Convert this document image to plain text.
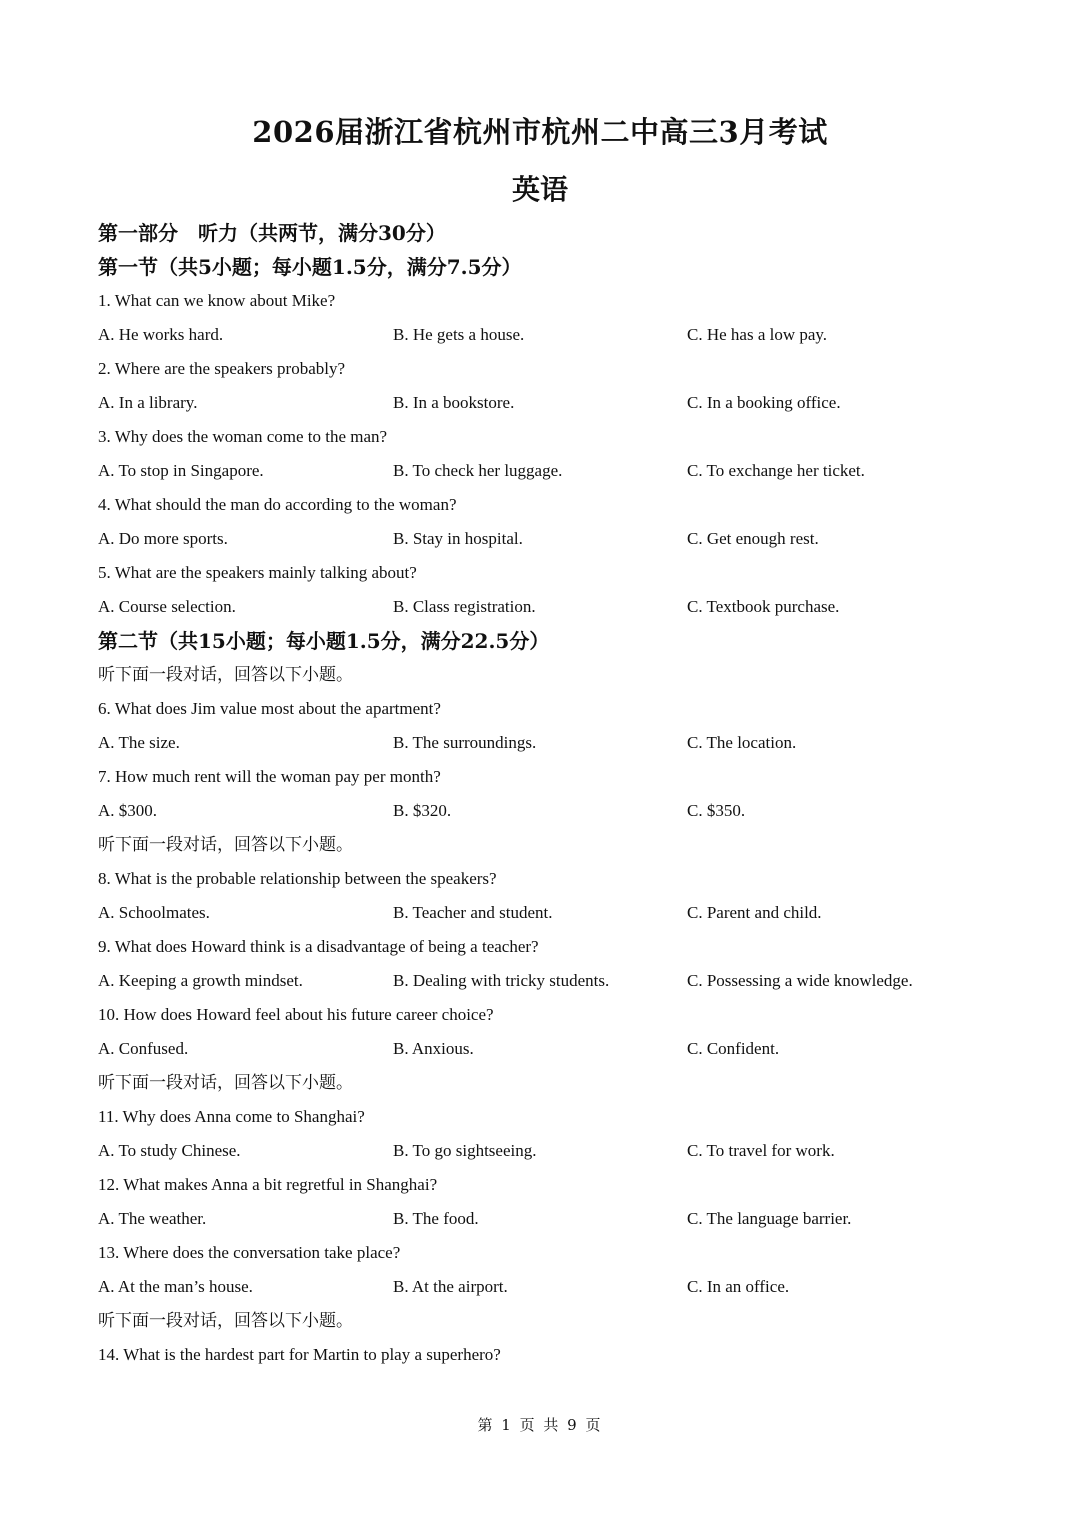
2026届浙江省杭州市杭州二中高三3月考试
英语
第一部分　听力（共两节，满分30分）
第一节（共5小题；每小题1.5分，满分7.5分）
1. What can we know about Mike?
A. He works hard.	B. He gets a house.	C. He has a low pay.
2. Where are the speakers probably?
A. In a library.	B. In a bookstore.	C. In a booking office.
3. Why does the woman come to the man?
A. To stop in Singapore.	B. To check her luggage.	C. To exchange her ticket.
4. What should the man do according to the woman?
A. Do more sports.	B. Stay in hospital.	C. Get enough rest.
5. What are the speakers mainly talking about?
A. Course selection.	B. Class registration.	C. Textbook purchase.
第二节（共15小题；每小题1.5分，满分22.5分）
听下面一段对话，回答以下小题。
6. What does Jim value most about the apartment?
A. The size.	B. The surroundings.	C. The location.
7. How much rent will the woman pay per month?
A. $300.	B. $320.	C. $350.
听下面一段对话，回答以下小题。
8. What is the probable relationship between the speakers?
A. Schoolmates.	B. Teacher and student.	C. Parent and child.
9. What does Howard think is a disadvantage of being a teacher?
A. Keeping a growth mindset.	B. Dealing with tricky students.	C. Possessing a wide knowledge.
10. How does Howard feel about his future career choice?
A. Confused.	B. Anxious.	C. Confident.
听下面一段对话，回答以下小题。
11. Why does Anna come to Shanghai?
A. To study Chinese.	B. To go sightseeing.	C. To travel for work.
12. What makes Anna a bit regretful in Shanghai?
A. The weather.	B. The food.	C. The language barrier.
13. Where does the conversation take place?
A. At the man’s house.	B. At the airport.	C. In an office.
听下面一段对话，回答以下小题。
14. What is the hardest part for Martin to play a superhero?
第 1 页 共 9 页
